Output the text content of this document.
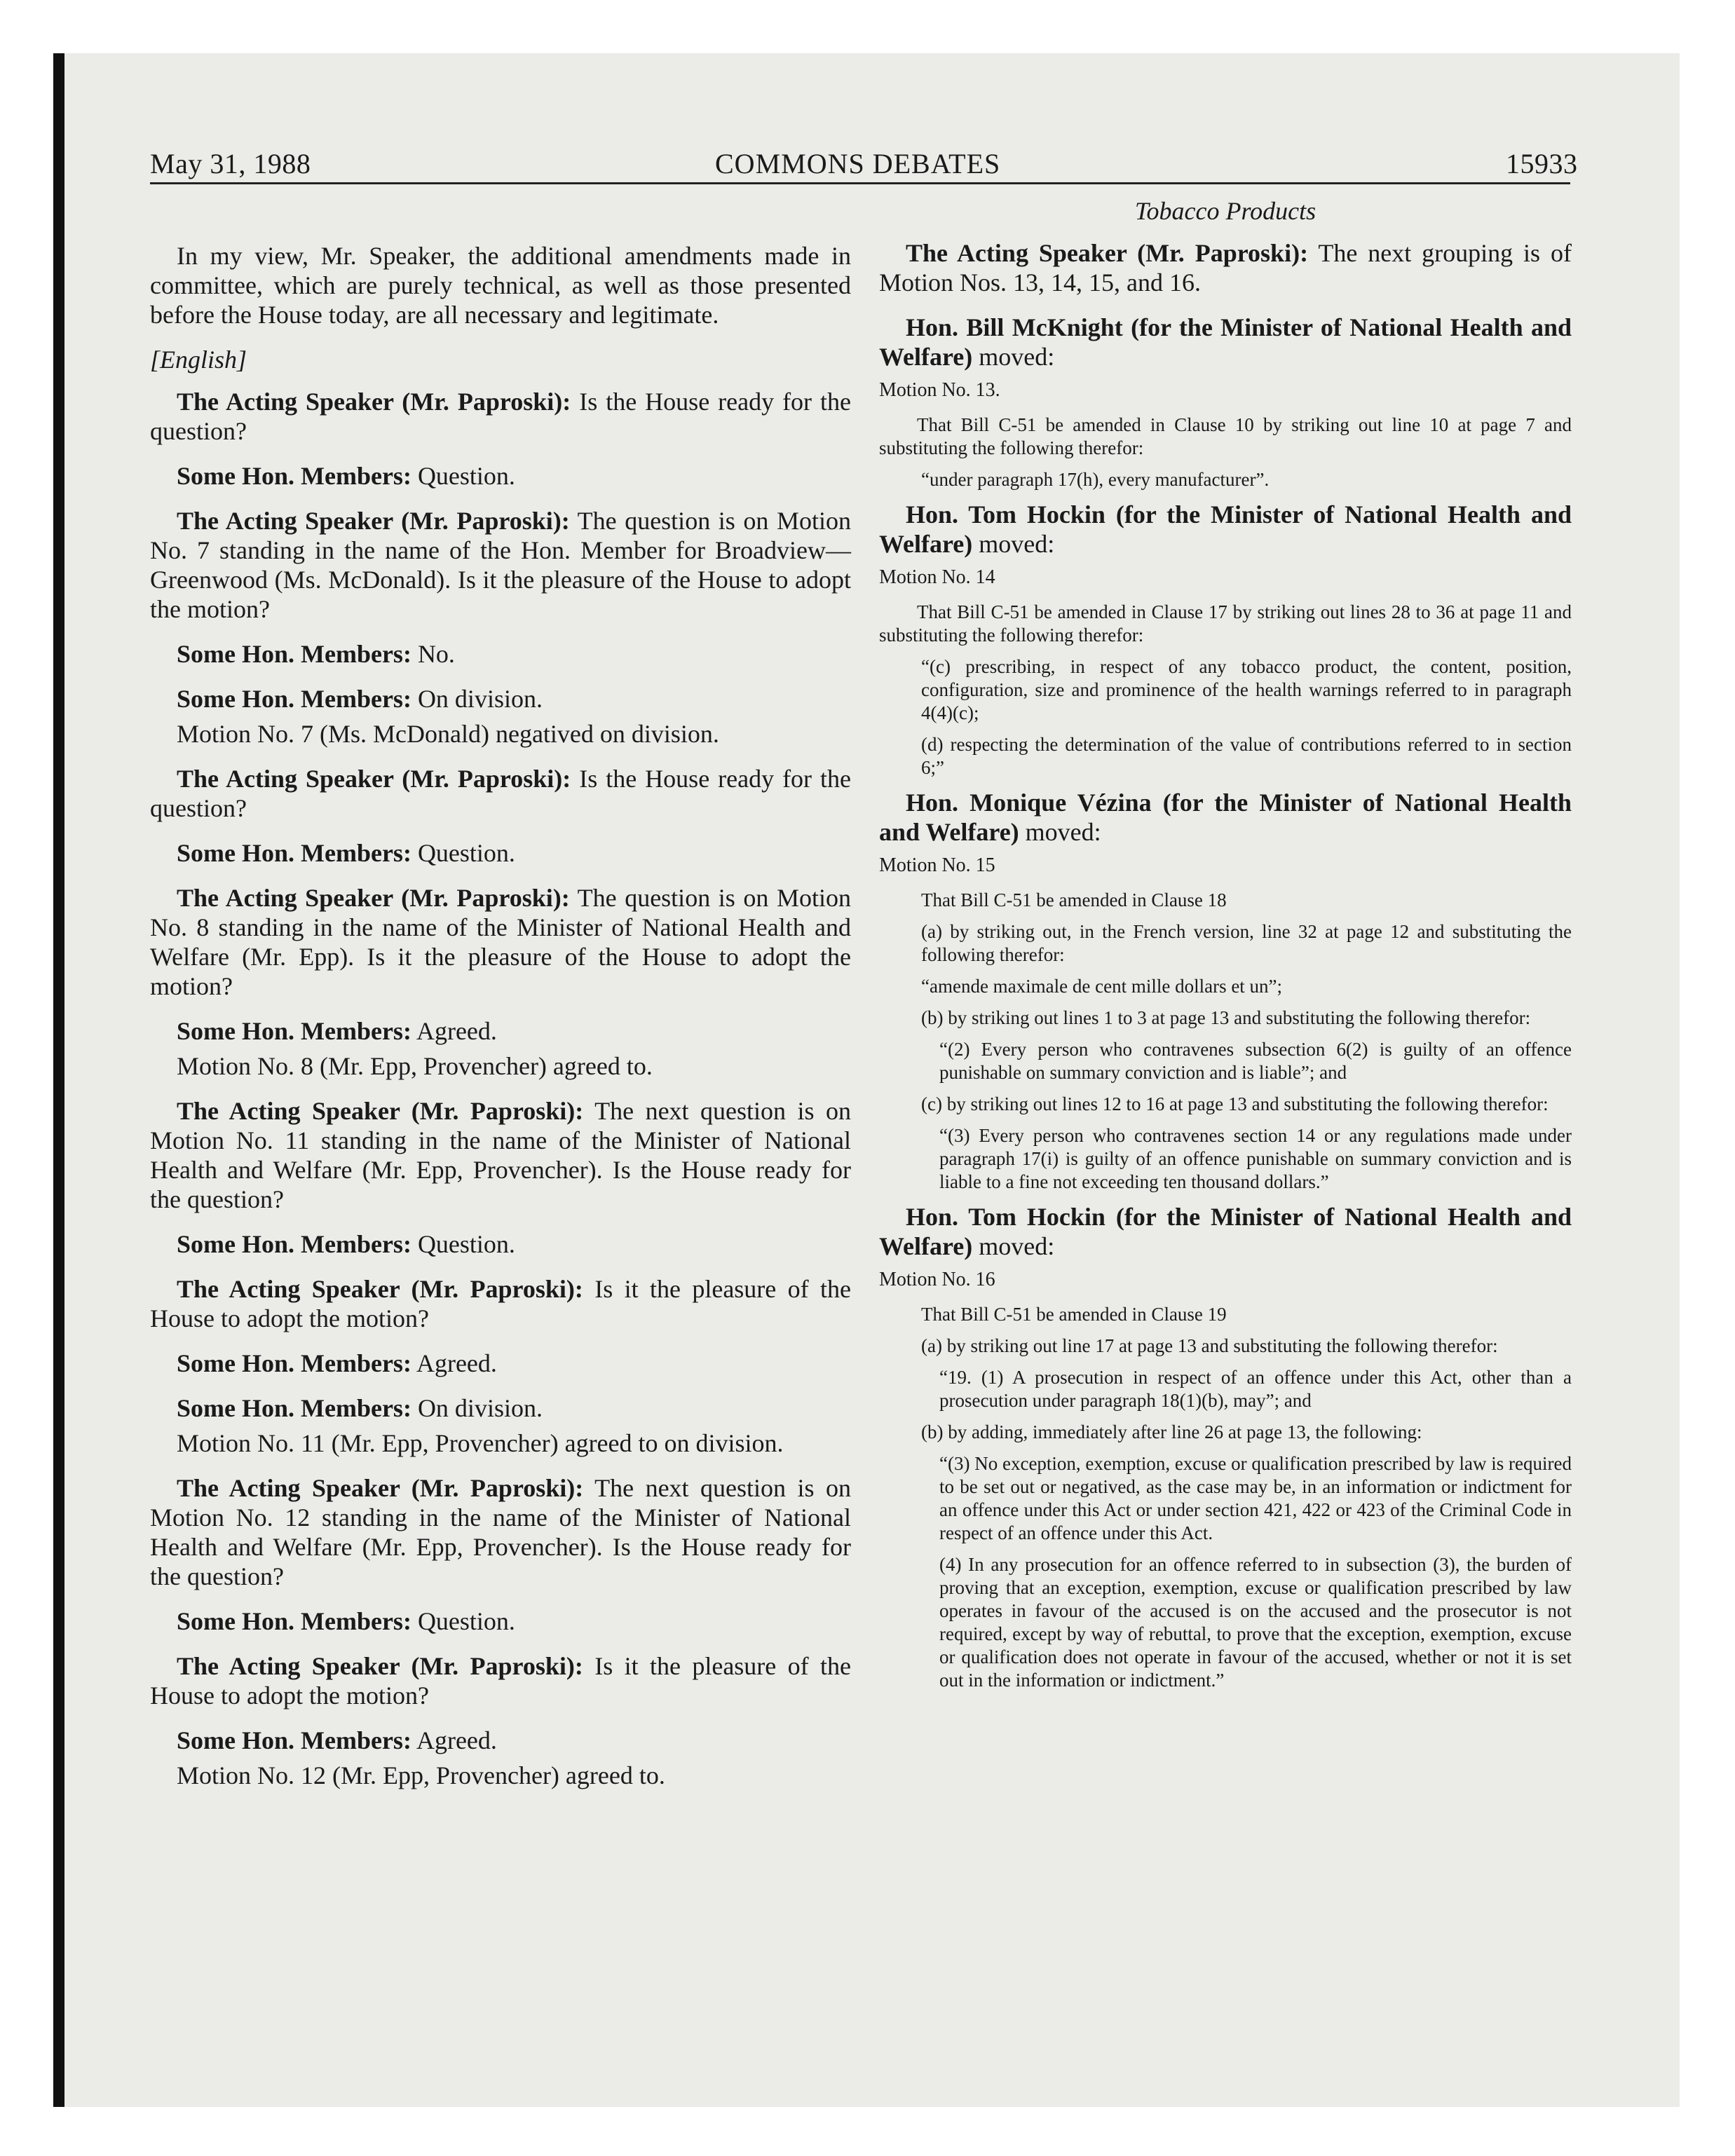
May 31, 1988	COMMONS DEBATES	15933

In my view, Mr. Speaker, the additional amendments made in committee, which are purely technical, as well as those presented before the House today, are all necessary and legitimate.

[English]

The Acting Speaker (Mr. Paproski): Is the House ready for the question?

Some Hon. Members: Question.

The Acting Speaker (Mr. Paproski): The question is on Motion No. 7 standing in the name of the Hon. Member for Broadview—Greenwood (Ms. McDonald). Is it the pleasure of the House to adopt the motion?

Some Hon. Members: No.

Some Hon. Members: On division.

Motion No. 7 (Ms. McDonald) negatived on division.

The Acting Speaker (Mr. Paproski): Is the House ready for the question?

Some Hon. Members: Question.

The Acting Speaker (Mr. Paproski): The question is on Motion No. 8 standing in the name of the Minister of National Health and Welfare (Mr. Epp). Is it the pleasure of the House to adopt the motion?

Some Hon. Members: Agreed.

Motion No. 8 (Mr. Epp, Provencher) agreed to.

The Acting Speaker (Mr. Paproski): The next question is on Motion No. 11 standing in the name of the Minister of National Health and Welfare (Mr. Epp, Provencher). Is the House ready for the question?

Some Hon. Members: Question.

The Acting Speaker (Mr. Paproski): Is it the pleasure of the House to adopt the motion?

Some Hon. Members: Agreed.

Some Hon. Members: On division.

Motion No. 11 (Mr. Epp, Provencher) agreed to on division.

The Acting Speaker (Mr. Paproski): The next question is on Motion No. 12 standing in the name of the Minister of National Health and Welfare (Mr. Epp, Provencher). Is the House ready for the question?

Some Hon. Members: Question.

The Acting Speaker (Mr. Paproski): Is it the pleasure of the House to adopt the motion?

Some Hon. Members: Agreed.

Motion No. 12 (Mr. Epp, Provencher) agreed to.

Tobacco Products

The Acting Speaker (Mr. Paproski): The next grouping is of Motion Nos. 13, 14, 15, and 16.

Hon. Bill McKnight (for the Minister of National Health and Welfare) moved:

Motion No. 13.

That Bill C-51 be amended in Clause 10 by striking out line 10 at page 7 and substituting the following therefor:

“under paragraph 17(h), every manufacturer”.

Hon. Tom Hockin (for the Minister of National Health and Welfare) moved:

Motion No. 14

That Bill C-51 be amended in Clause 17 by striking out lines 28 to 36 at page 11 and substituting the following therefor:

“(c) prescribing, in respect of any tobacco product, the content, position, configuration, size and prominence of the health warnings referred to in paragraph 4(4)(c);

(d) respecting the determination of the value of contributions referred to in section 6;”

Hon. Monique Vézina (for the Minister of National Health and Welfare) moved:

Motion No. 15

That Bill C-51 be amended in Clause 18

(a) by striking out, in the French version, line 32 at page 12 and substituting the following therefor:

“amende maximale de cent mille dollars et un”;

(b) by striking out lines 1 to 3 at page 13 and substituting the following therefor:

“(2) Every person who contravenes subsection 6(2) is guilty of an offence punishable on summary conviction and is liable”; and

(c) by striking out lines 12 to 16 at page 13 and substituting the following therefor:

“(3) Every person who contravenes section 14 or any regulations made under paragraph 17(i) is guilty of an offence punishable on summary conviction and is liable to a fine not exceeding ten thousand dollars.”

Hon. Tom Hockin (for the Minister of National Health and Welfare) moved:

Motion No. 16

That Bill C-51 be amended in Clause 19

(a) by striking out line 17 at page 13 and substituting the following therefor:

“19. (1) A prosecution in respect of an offence under this Act, other than a prosecution under paragraph 18(1)(b), may”; and

(b) by adding, immediately after line 26 at page 13, the following:

“(3) No exception, exemption, excuse or qualification prescribed by law is required to be set out or negatived, as the case may be, in an information or indictment for an offence under this Act or under section 421, 422 or 423 of the Criminal Code in respect of an offence under this Act.

(4) In any prosecution for an offence referred to in subsection (3), the burden of proving that an exception, exemption, excuse or qualification prescribed by law operates in favour of the accused is on the accused and the prosecutor is not required, except by way of rebuttal, to prove that the exception, exemption, excuse or qualification does not operate in favour of the accused, whether or not it is set out in the information or indictment.”
